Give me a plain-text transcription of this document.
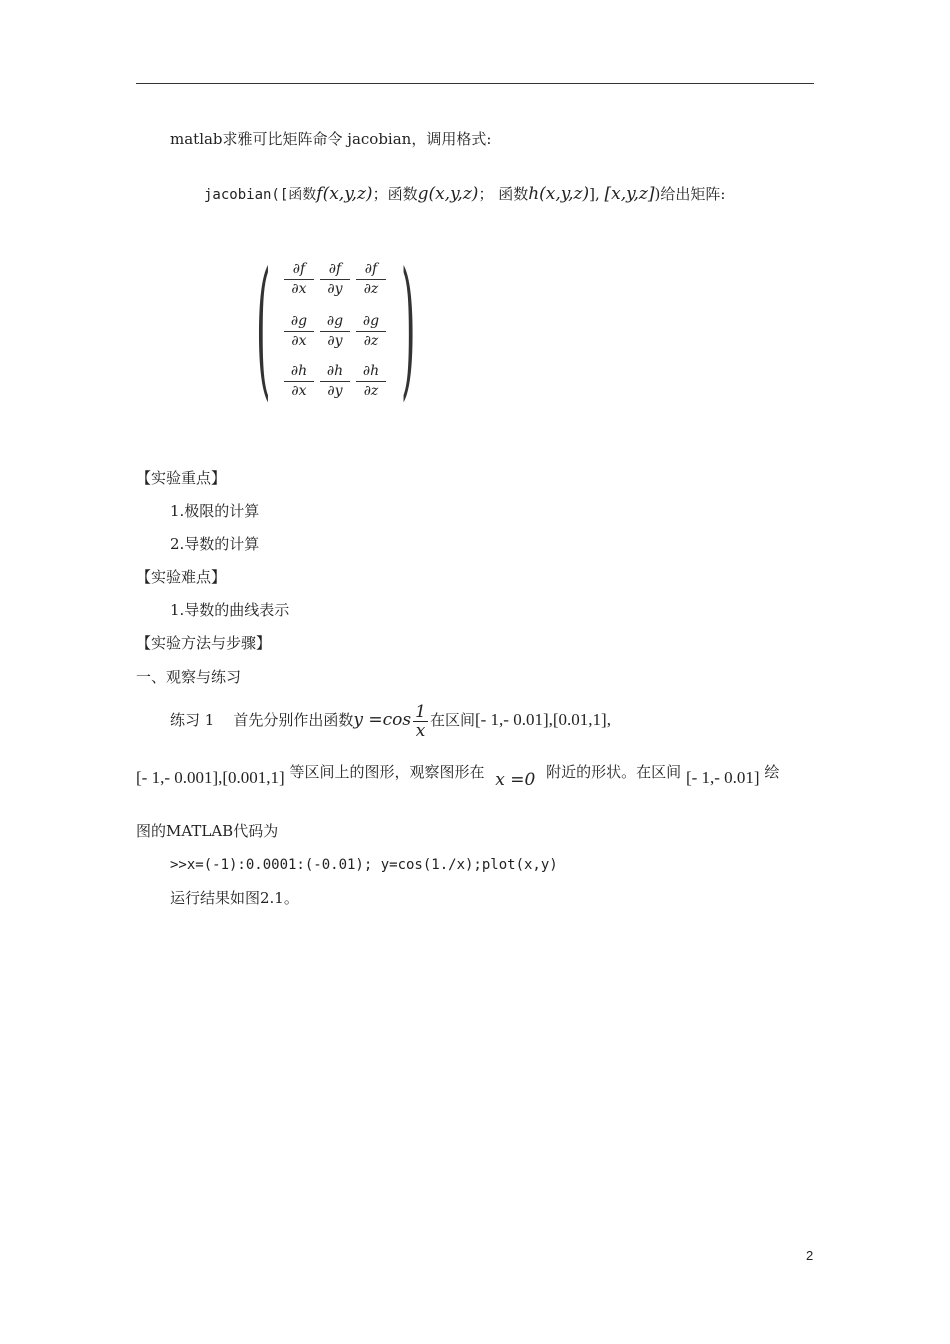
matlab求雅可比矩阵命令 jacobian，调用格式:
jacobian([函数f(x,y,z)；函数g(x,y,z)； 函数h(x,y,z)], [x,y,z])给出矩阵:
( )
$\frac{\partial f}{\partial x} \frac{\partial f}{\partial y} \frac{\partial f}{\partial z}$
$\frac{\partial g}{\partial x} \frac{\partial g}{\partial y} \frac{\partial g}{\partial z}$
$\frac{\partial h}{\partial x} \frac{\partial h}{\partial y} \frac{\partial h}{\partial z}$
【实验重点】
1.极限的计算
2.导数的计算
【实验难点】
1.导数的曲线表示
【实验方法与步骤】
一、观察与练习
练习 1 首先分别作出函数$y =\cos \frac{1}{x}$ 在区间[- 1,- 0.01],[0.01,1],
[- 1,- 0.001],[0.001,1] 等区间上的图形，观察图形在 x =0 附近的形状。在区间 [- 1,- 0.01] 绘
图的MATLAB代码为
>>x=(-1):0.0001:(-0.01); y=cos(1./x);plot(x,y)
运行结果如图2.1。
2
